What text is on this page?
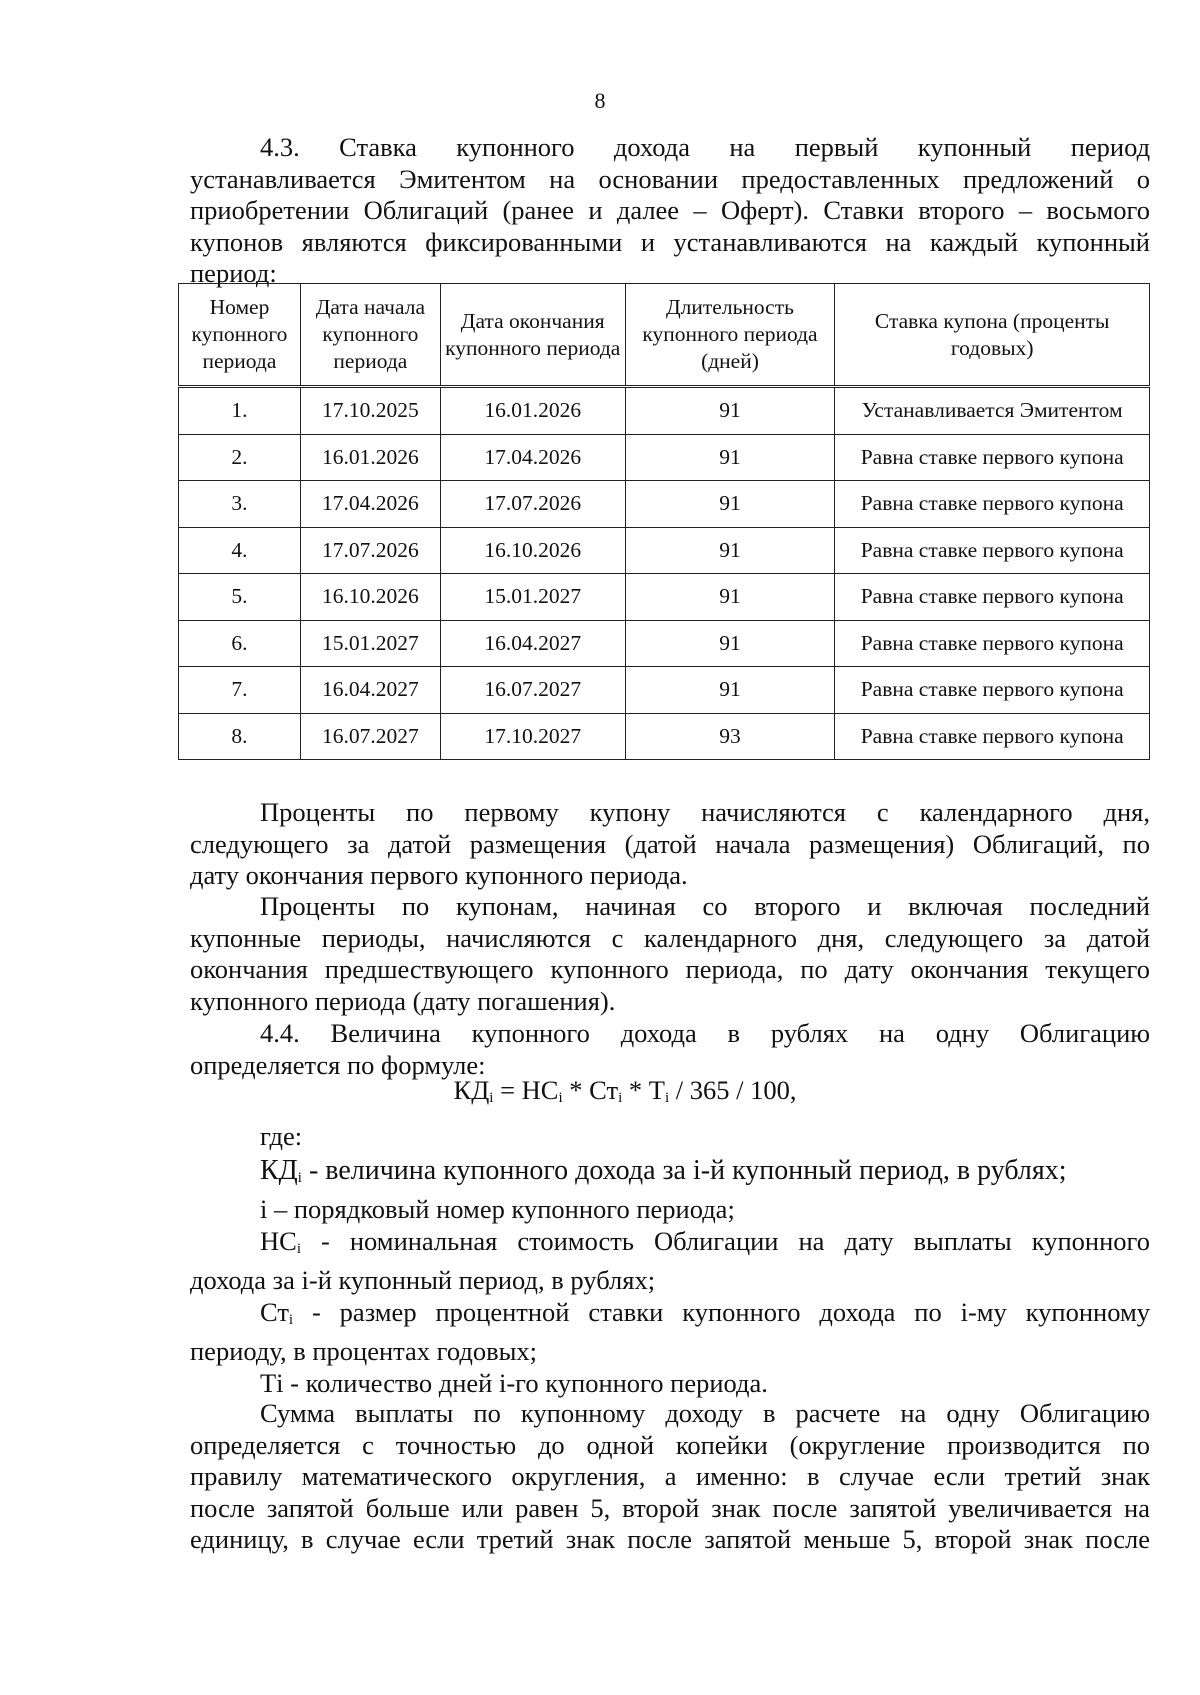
8

4.3. Ставка купонного дохода на первый купонный период

устанавливается Эмитентом на основании предоставленных предложений о

приобретении Облигаций (ранее и далее – Оферт). Ставки второго – восьмого

купонов являются фиксированными и устанавливаются на каждый купонный

период:

Номер купонного периода	Дата начала купонного периода	Дата окончания купонного периода	Длительность купонного периода (дней)	Ставка купона (проценты годовых)
1.	17.10.2025	16.01.2026	91	Устанавливается Эмитентом
2.	16.01.2026	17.04.2026	91	Равна ставке первого купона
3.	17.04.2026	17.07.2026	91	Равна ставке первого купона
4.	17.07.2026	16.10.2026	91	Равна ставке первого купона
5.	16.10.2026	15.01.2027	91	Равна ставке первого купона
6.	15.01.2027	16.04.2027	91	Равна ставке первого купона
7.	16.04.2027	16.07.2027	91	Равна ставке первого купона
8.	16.07.2027	17.10.2027	93	Равна ставке первого купона

Проценты по первому купону начисляются с календарного дня,

следующего за датой размещения (датой начала размещения) Облигаций, по

дату окончания первого купонного периода.

Проценты по купонам, начиная со второго и включая последний

купонные периоды, начисляются с календарного дня, следующего за датой

окончания предшествующего купонного периода, по дату окончания текущего

купонного периода (дату погашения).

4.4. Величина купонного дохода в рублях на одну Облигацию

определяется по формуле:

$КД_i = НС_i * Ст_i * Т_i / 365 / 100$,

где:

$КД_i$ - величина купонного дохода за i-й купонный период, в рублях;

i – порядковый номер купонного периода;

$НС_i$ - номинальная стоимость Облигации на дату выплаты купонного

дохода за i-й купонный период, в рублях;

$Ст_i$ - размер процентной ставки купонного дохода по i-му купонному

периоду, в процентах годовых;

Тi - количество дней i-го купонного периода.

Сумма выплаты по купонному доходу в расчете на одну Облигацию

определяется с точностью до одной копейки (округление производится по

правилу математического округления, а именно: в случае если третий знак

после запятой больше или равен 5, второй знак после запятой увеличивается на

единицу, в случае если третий знак после запятой меньше 5, второй знак после
